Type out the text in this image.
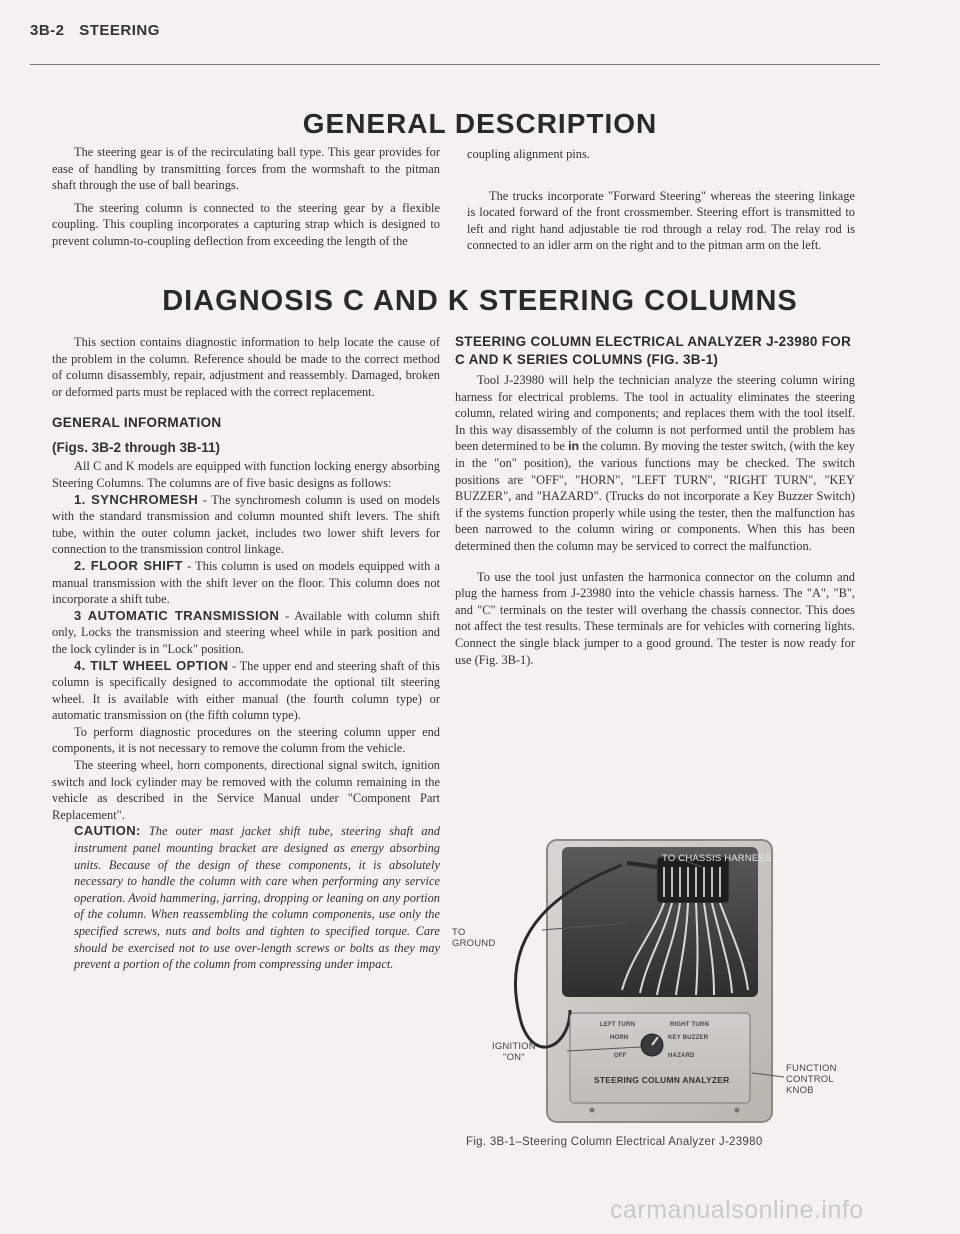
3B-2 STEERING
GENERAL DESCRIPTION

The steering gear is of the recirculating ball type. This gear provides for ease of handling by transmitting forces from the wormshaft to the pitman shaft through the use of ball bearings.

The steering column is connected to the steering gear by a flexible coupling. This coupling incorporates a capturing strap which is designed to prevent column-to-coupling deflection from exceeding the length of the

coupling alignment pins.

The trucks incorporate "Forward Steering" whereas the steering linkage is located forward of the front crossmember. Steering effort is transmitted to left and right hand adjustable tie rod through a relay rod. The relay rod is connected to an idler arm on the right and to the pitman arm on the left.

DIAGNOSIS C AND K STEERING COLUMNS

This section contains diagnostic information to help locate the cause of the problem in the column. Reference should be made to the correct method of column disassembly, repair, adjustment and reassembly. Damaged, broken or deformed parts must be replaced with the correct replacement.

GENERAL INFORMATION
(Figs. 3B-2 through 3B-11)

All C and K models are equipped with function locking energy absorbing Steering Columns. The columns are of five basic designs as follows:

1. SYNCHROMESH - The synchromesh column is used on models with the standard transmission and column mounted shift levers. The shift tube, within the outer column jacket, includes two lower shift levers for connection to the transmission control linkage.

2. FLOOR SHIFT - This column is used on models equipped with a manual transmission with the shift lever on the floor. This column does not incorporate a shift tube.

3 AUTOMATIC TRANSMISSION - Available with column shift only, Locks the transmission and steering wheel while in park position and the lock cylinder is in "Lock" position.

4. TILT WHEEL OPTION - The upper end and steering shaft of this column is specifically designed to accommodate the optional tilt steering wheel. It is available with either manual (the fourth column type) or automatic transmission on (the fifth column type).

To perform diagnostic procedures on the steering column upper end components, it is not necessary to remove the column from the vehicle.

The steering wheel, horn components, directional signal switch, ignition switch and lock cylinder may be removed with the column remaining in the vehicle as described in the Service Manual under "Component Part Replacement".

CAUTION: The outer mast jacket shift tube, steering shaft and instrument panel mounting bracket are designed as energy absorbing units. Because of the design of these components, it is absolutely necessary to handle the column with care when performing any service operation. Avoid hammering, jarring, dropping or leaning on any portion of the column. When reassembling the column components, use only the specified screws, nuts and bolts and tighten to specified torque. Care should be exercised not to use over-length screws or bolts as they may prevent a portion of the column from compressing under impact.

STEERING COLUMN ELECTRICAL ANALYZER J-23980 FOR C AND K SERIES COLUMNS (FIG. 3B-1)

Tool J-23980 will help the technician analyze the steering column wiring harness for electrical problems. The tool in actuality eliminates the steering column, related wiring and components; and replaces them with the tool itself. In this way disassembly of the column is not performed until the problem has been determined to be in the column. By moving the tester switch, (with the key in the "on" position), the various functions may be checked. The switch positions are "OFF", "HORN", "LEFT TURN", "RIGHT TURN", "KEY BUZZER", and "HAZARD". (Trucks do not incorporate a Key Buzzer Switch) if the systems function properly while using the tester, then the malfunction has been narrowed to the column wiring or components. When this has been determined then the column may be serviced to correct the malfunction.

To use the tool just unfasten the harmonica connector on the column and plug the harness from J-23980 into the vehicle chassis harness. The "A", "B", and "C" terminals on the tester will overhang the chassis connector. This does not affect the test results. These terminals are for vehicles with cornering lights. Connect the single black jumper to a good ground. The tester is now ready for use (Fig. 3B-1).

TO CHASSIS HARNESS
TO
GROUND
IGNITION
"ON"
FUNCTION
CONTROL
KNOB
LEFT TURN	RIGHT TURN
HORN	KEY BUZZER
OFF	HAZARD
STEERING COLUMN ANALYZER
Fig. 3B-1–Steering Column Electrical Analyzer J-23980
carmanualsonline.info
